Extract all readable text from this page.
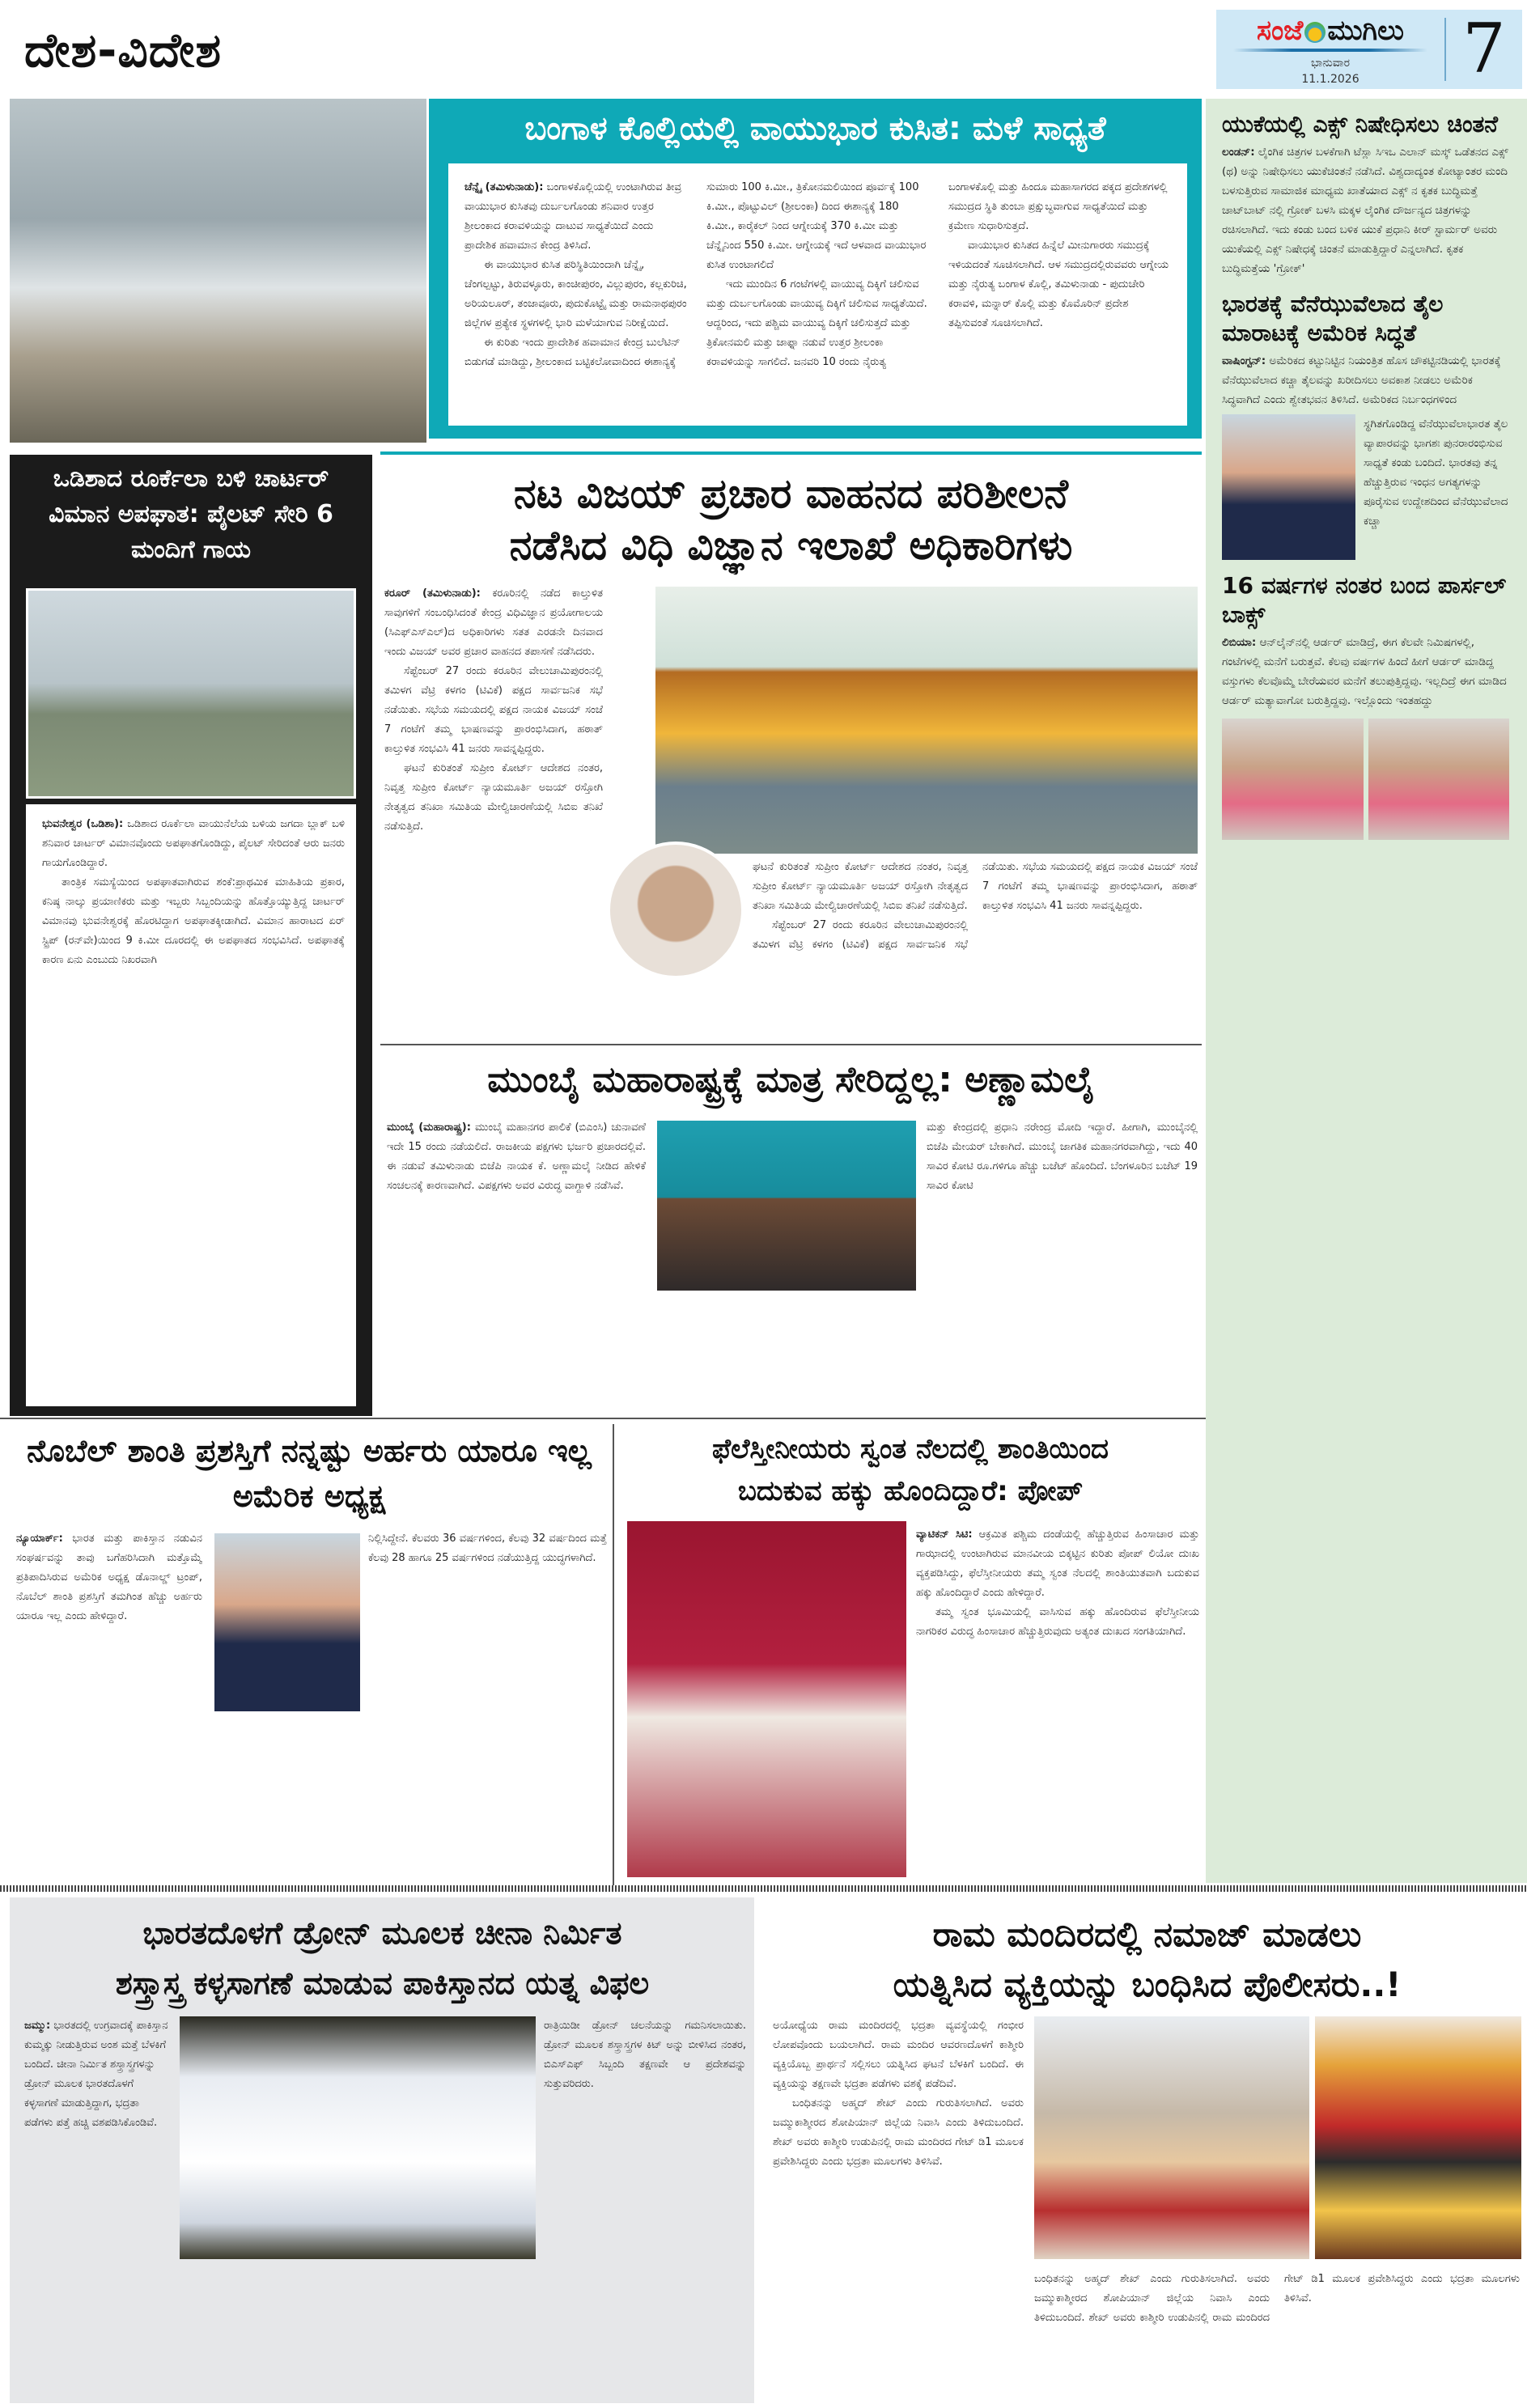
ದೇಶ-ವಿದೇಶ	ಸಂಜೆ ಮುಗಿಲು
ಭಾನುವಾರ
11.1.2026 7
ಬಂಗಾಳ ಕೊಲ್ಲಿಯಲ್ಲಿ ವಾಯುಭಾರ ಕುಸಿತ: ಮಳೆ ಸಾಧ್ಯತೆ

ಚೆನ್ನೈ (ತಮಿಳುನಾಡು): ಬಂಗಾಳಕೊಲ್ಲಿಯಲ್ಲಿ ಉಂಟಾಗಿರುವ ತೀವ್ರ ವಾಯುಭಾರ ಕುಸಿತವು ದುರ್ಬಲಗೊಂಡು ಶನಿವಾರ ಉತ್ತರ ಶ್ರೀಲಂಕಾದ ಕರಾವಳಿಯನ್ನು ದಾಟುವ ಸಾಧ್ಯತೆಯಿದೆ ಎಂದು ಪ್ರಾದೇಶಿಕ ಹವಾಮಾನ ಕೇಂದ್ರ ತಿಳಿಸಿದೆ.

ಈ ವಾಯುಭಾರ ಕುಸಿತ ಪರಿಸ್ಥಿತಿಯಿಂದಾಗಿ ಚೆನ್ನೈ, ಚೆಂಗಲ್ಪಟ್ಟು, ತಿರುವಳ್ಳೂರು, ಕಾಂಚೀಪುರಂ, ವಿಲ್ಲುಪುರಂ, ಕಲ್ಲಕುರಿಚಿ, ಅರಿಯಲೂರ್, ತಂಜಾವೂರು, ಪುದುಕೊಟ್ಟೈ ಮತ್ತು ರಾಮನಾಥಪುರಂ ಜಿಲ್ಲೆಗಳ ಪ್ರತ್ಯೇಕ ಸ್ಥಳಗಳಲ್ಲಿ ಭಾರಿ ಮಳೆಯಾಗುವ ನಿರೀಕ್ಷೆಯಿದೆ.

ಈ ಕುರಿತು ಇಂದು ಪ್ರಾದೇಶಿಕ ಹವಾಮಾನ ಕೇಂದ್ರ ಬುಲೆಟಿನ್ ಬಿಡುಗಡೆ ಮಾಡಿದ್ದು, ಶ್ರೀಲಂಕಾದ ಬಟ್ಟಿಕಲೋವಾದಿಂದ ಈಶಾನ್ಯಕ್ಕೆ ಸುಮಾರು 100 ಕಿ.ಮೀ., ತ್ರಿಕೋನಮಲಿಯಿಂದ ಪೂರ್ವಕ್ಕೆ 100 ಕಿ.ಮೀ., ಪೊಟ್ಟುವಿಲ್ (ಶ್ರೀಲಂಕಾ) ದಿಂದ ಈಶಾನ್ಯಕ್ಕೆ 180 ಕಿ.ಮೀ., ಕಾರೈಕಲ್ ನಿಂದ ಆಗ್ನೇಯಕ್ಕೆ 370 ಕಿ.ಮೀ ಮತ್ತು ಚೆನ್ನೈನಿಂದ 550 ಕಿ.ಮೀ. ಆಗ್ನೇಯಕ್ಕೆ ಇದೆ ಆಳವಾದ ವಾಯುಭಾರ ಕುಸಿತ ಉಂಟಾಗಲಿದೆ

ಇದು ಮುಂದಿನ 6 ಗಂಟೆಗಳಲ್ಲಿ ವಾಯುವ್ಯ ದಿಕ್ಕಿಗೆ ಚಲಿಸುವ ಮತ್ತು ದುರ್ಬಲಗೊಂಡು ವಾಯುವ್ಯ ದಿಕ್ಕಿಗೆ ಚಲಿಸುವ ಸಾಧ್ಯತೆಯಿದೆ. ಆದ್ದರಿಂದ, ಇದು ಪಶ್ಚಿಮ ವಾಯುವ್ಯ ದಿಕ್ಕಿಗೆ ಚಲಿಸುತ್ತದೆ ಮತ್ತು ತ್ರಿಕೋನಮಲಿ ಮತ್ತು ಜಾಫ್ನಾ ನಡುವೆ ಉತ್ತರ ಶ್ರೀಲಂಕಾ ಕರಾವಳಿಯನ್ನು ಸಾಗಲಿದೆ. ಜನವರಿ 10 ರಂದು ನೈರುತ್ಯ ಬಂಗಾಳಕೊಲ್ಲಿ ಮತ್ತು ಹಿಂದೂ ಮಹಾಸಾಗರದ ಪಕ್ಕದ ಪ್ರದೇಶಗಳಲ್ಲಿ ಸಮುದ್ರದ ಸ್ಥಿತಿ ತುಂಬಾ ಪ್ರಕ್ಷುಬ್ಧವಾಗುವ ಸಾಧ್ಯತೆಯಿದೆ ಮತ್ತು ಕ್ರಮೇಣ ಸುಧಾರಿಸುತ್ತದೆ.

ವಾಯುಭಾರ ಕುಸಿತದ ಹಿನ್ನೆಲೆ ಮೀನುಗಾರರು ಸಮುದ್ರಕ್ಕೆ ಇಳಿಯದಂತೆ ಸೂಚಿಸಲಾಗಿದೆ. ಆಳ ಸಮುದ್ರದಲ್ಲಿರುವವರು ಆಗ್ನೇಯ ಮತ್ತು ನೈರುತ್ಯ ಬಂಗಾಳ ಕೊಲ್ಲಿ, ತಮಿಳುನಾಡು - ಪುದುಚೇರಿ ಕರಾವಳಿ, ಮನ್ನಾರ್ ಕೊಲ್ಲಿ ಮತ್ತು ಕೊಮೊರಿನ್ ಪ್ರದೇಶ ತಪ್ಪಿಸುವಂತೆ ಸೂಚಿಸಲಾಗಿದೆ.

ಯುಕೆಯಲ್ಲಿ ಎಕ್ಸ್ ನಿಷೇಧಿಸಲು ಚಿಂತನೆ

ಲಂಡನ್: ಲೈಂಗಿಕ ಚಿತ್ರಗಳ ಬಳಕೆಗಾಗಿ ಟೆಸ್ಲಾ ಸಿಇಒ ಎಲಾನ್ ಮಸ್ಕ್ ಒಡೆತನದ ಎಕ್ಸ್ (ಥ) ಅನ್ನು ನಿಷೇಧಿಸಲು ಯುಕೆಚಿಂತನೆ ನಡೆಸಿದೆ. ವಿಶ್ವದಾದ್ಯಂತ ಕೋಟ್ಯಾಂತರ ಮಂದಿ ಬಳಸುತ್ತಿರುವ ಸಾಮಾಜಿಕ ಮಾಧ್ಯಮ ಖಾತೆಯಾದ ಎಕ್ಸ್ ನ ಕೃತಕ ಬುದ್ಧಿಮತ್ತೆ ಚಾಟ್‌ಬಾಟ್ ನಲ್ಲಿ ಗ್ರೋಕ್ ಬಳಸಿ ಮಕ್ಕಳ ಲೈಂಗಿಕ ದೌರ್ಜನ್ಯದ ಚಿತ್ರಗಳನ್ನು ರಚಿಸಲಾಗಿದೆ. ಇದು ಕಂಡು ಬಂದ ಬಳಿಕ ಯುಕೆ ಪ್ರಧಾನಿ ಕೀರ್ ಸ್ಟಾರ್ಮರ್ ಅವರು ಯುಕೆಯಲ್ಲಿ ಎಕ್ಸ್ ನಿಷೇಧಕ್ಕೆ ಚಿಂತನೆ ಮಾಡುತ್ತಿದ್ದಾರೆ ಎನ್ನಲಾಗಿದೆ. ಕೃತಕ ಬುದ್ಧಿಮತ್ತೆಯ 'ಗ್ರೋಕ್'

ಭಾರತಕ್ಕೆ ವೆನೆಝುವೆಲಾದ ತೈಲ ಮಾರಾಟಕ್ಕೆ ಅಮೆರಿಕ ಸಿದ್ಧತೆ

ವಾಷಿಂಗ್ಟನ್: ಅಮೆರಿಕದ ಕಟ್ಟುನಿಟ್ಟಿನ ನಿಯಂತ್ರಿತ ಹೊಸ ಚೌಕಟ್ಟಿನಡಿಯಲ್ಲಿ ಭಾರತಕ್ಕೆ ವೆನೆಝುವೆಲಾದ ಕಚ್ಚಾ ತೈಲವನ್ನು ಖರೀದಿಸಲು ಅವಕಾಶ ನೀಡಲು ಅಮೆರಿಕ ಸಿದ್ಧವಾಗಿದೆ ಎಂದು ಶ್ವೇತಭವನ ತಿಳಿಸಿದೆ. ಅಮೆರಿಕದ ನಿರ್ಬಂಧಗಳಿಂದ

ಸ್ಥಗಿತಗೊಂಡಿದ್ದ ವೆನೆಝುವೆಲಾಭಾರತ ತೈಲ ವ್ಯಾಪಾರವನ್ನು ಭಾಗಶಃ ಪುನರಾರಂಭಿಸುವ ಸಾಧ್ಯತೆ ಕಂಡು ಬಂದಿದೆ. ಭಾರತವು ತನ್ನ ಹೆಚ್ಚುತ್ತಿರುವ ಇಂಧನ ಅಗತ್ಯಗಳನ್ನು ಪೂರೈಸುವ ಉದ್ದೇಶದಿಂದ ವೆನೆಝುವೆಲಾದ ಕಚ್ಚಾ

16 ವರ್ಷಗಳ ನಂತರ ಬಂದ ಪಾರ್ಸಲ್ ಬಾಕ್ಸ್

ಲಿಬಿಯಾ: ಆನ್‌ಲೈನ್‌ನಲ್ಲಿ ಆರ್ಡರ್ ಮಾಡಿದ್ರೆ, ಈಗ ಕೆಲವೇ ನಿಮಿಷಗಳಲ್ಲಿ, ಗಂಟೆಗಳಲ್ಲಿ ಮನೆಗೆ ಬರುತ್ತವೆ. ಕೆಲವು ವರ್ಷಗಳ ಹಿಂದೆ ಹೀಗೆ ಆರ್ಡರ್ ಮಾಡಿದ್ದ ವಸ್ತುಗಳು ಕೆಲವೊಮ್ಮೆ ಬೇರೆಯವರ ಮನೆಗೆ ತಲುಪುತ್ತಿದ್ದವು. ಇಲ್ಲದಿದ್ರೆ ಈಗ ಮಾಡಿದ ಆರ್ಡರ್ ಮತ್ಯಾವಾಗೋ ಬರುತ್ತಿದ್ದವು. ಇಲ್ಲೊಂದು ಇಂತಹದ್ದು

ಒಡಿಶಾದ ರೂರ್ಕೆಲಾ ಬಳಿ ಚಾರ್ಟರ್ ವಿಮಾನ ಅಪಘಾತ: ಪೈಲಟ್ ಸೇರಿ 6 ಮಂದಿಗೆ ಗಾಯ

ಭುವನೇಶ್ವರ (ಒಡಿಶಾ): ಒಡಿಶಾದ ರೂರ್ಕೆಲಾ ವಾಯುನೆಲೆಯ ಬಳಿಯ ಜಗದಾ ಬ್ಲಾಕ್ ಬಳಿ ಶನಿವಾರ ಚಾರ್ಟರ್ ವಿಮಾನವೊಂದು ಅಪಘಾತಗೊಂಡಿದ್ದು, ಪೈಲಟ್ ಸೇರಿದಂತೆ ಆರು ಜನರು ಗಾಯಗೊಂಡಿದ್ದಾರೆ.

ತಾಂತ್ರಿಕ ಸಮಸ್ಯೆಯಿಂದ ಅಪಘಾತವಾಗಿರುವ ಶಂಕೆ:ಪ್ರಾಥಮಿಕ ಮಾಹಿತಿಯ ಪ್ರಕಾರ, ಕನಿಷ್ಠ ನಾಲ್ಕು ಪ್ರಯಾಣಿಕರು ಮತ್ತು ಇಬ್ಬರು ಸಿಬ್ಬಂದಿಯನ್ನು ಹೊತ್ತೊಯ್ಯುತ್ತಿದ್ದ ಚಾರ್ಟರ್ ವಿಮಾನವು ಭುವನೇಶ್ವರಕ್ಕೆ ಹೊರಟಿದ್ದಾಗ ಅಪಘಾತಕ್ಕೀಡಾಗಿದೆ. ವಿಮಾನ ಹಾರಾಟದ ಏರ್ ಸ್ಟ್ರಿಪ್ (ರನ್‌ವೇ)ಯಿಂದ 9 ಕಿ.ಮೀ ದೂರದಲ್ಲಿ ಈ ಅಪಘಾತದ ಸಂಭವಿಸಿದೆ. ಅಪಘಾತಕ್ಕೆ ಕಾರಣ ಏನು ಎಂಬುದು ನಿಖರವಾಗಿ

ನಟ ವಿಜಯ್ ಪ್ರಚಾರ ವಾಹನದ ಪರಿಶೀಲನೆ
ನಡೆಸಿದ ವಿಧಿ ವಿಜ್ಞಾನ ಇಲಾಖೆ ಅಧಿಕಾರಿಗಳು

ಕರೂರ್ (ತಮಿಳುನಾಡು): ಕರೂರಿನಲ್ಲಿ ನಡೆದ ಕಾಲ್ತುಳಿತ ಸಾವುಗಳಿಗೆ ಸಂಬಂಧಿಸಿದಂತೆ ಕೇಂದ್ರ ವಿಧಿವಿಜ್ಞಾನ ಪ್ರಯೋಗಾಲಯ (ಸಿಎಫ್‌ಎಸ್‌ಎಲ್)ದ ಅಧಿಕಾರಿಗಳು ಸತತ ಎರಡನೇ ದಿನವಾದ ಇಂದು ವಿಜಯ್ ಅವರ ಪ್ರಚಾರ ವಾಹನದ ತಪಾಸಣೆ ನಡೆಸಿದರು.

ಸೆಪ್ಟೆಂಬರ್ 27 ರಂದು ಕರೂರಿನ ವೇಲುಚಾಮಿಪುರಂನಲ್ಲಿ ತಮಿಳಗ ವೆಟ್ರಿ ಕಳಗಂ (ಟಿವಿಕೆ) ಪಕ್ಷದ ಸಾರ್ವಜನಿಕ ಸಭೆ ನಡೆಯಿತು. ಸಭೆಯ ಸಮಯದಲ್ಲಿ ಪಕ್ಷದ ನಾಯಕ ವಿಜಯ್ ಸಂಜೆ 7 ಗಂಟೆಗೆ ತಮ್ಮ ಭಾಷಣವನ್ನು ಪ್ರಾರಂಭಿಸಿದಾಗ, ಹಠಾತ್ ಕಾಲ್ತುಳಿತ ಸಂಭವಿಸಿ 41 ಜನರು ಸಾವನ್ನಪ್ಪಿದ್ದರು.

ಘಟನೆ ಕುರಿತಂತೆ ಸುಪ್ರೀಂ ಕೋರ್ಟ್ ಆದೇಶದ ನಂತರ, ನಿವೃತ್ತ ಸುಪ್ರೀಂ ಕೋರ್ಟ್ ನ್ಯಾಯಮೂರ್ತಿ ಅಜಯ್ ರಸ್ತೋಗಿ ನೇತೃತ್ವದ ತನಿಖಾ ಸಮಿತಿಯ ಮೇಲ್ವಿಚಾರಣೆಯಲ್ಲಿ ಸಿಬಿಐ ತನಿಖೆ ನಡೆಸುತ್ತಿದೆ.

ಘಟನೆ ಕುರಿತಂತೆ ಸುಪ್ರೀಂ ಕೋರ್ಟ್ ಆದೇಶದ ನಂತರ, ನಿವೃತ್ತ ಸುಪ್ರೀಂ ಕೋರ್ಟ್ ನ್ಯಾಯಮೂರ್ತಿ ಅಜಯ್ ರಸ್ತೋಗಿ ನೇತೃತ್ವದ ತನಿಖಾ ಸಮಿತಿಯ ಮೇಲ್ವಿಚಾರಣೆಯಲ್ಲಿ ಸಿಬಿಐ ತನಿಖೆ ನಡೆಸುತ್ತಿದೆ.

ಸೆಪ್ಟೆಂಬರ್ 27 ರಂದು ಕರೂರಿನ ವೇಲುಚಾಮಿಪುರಂನಲ್ಲಿ ತಮಿಳಗ ವೆಟ್ರಿ ಕಳಗಂ (ಟಿವಿಕೆ) ಪಕ್ಷದ ಸಾರ್ವಜನಿಕ ಸಭೆ ನಡೆಯಿತು. ಸಭೆಯ ಸಮಯದಲ್ಲಿ ಪಕ್ಷದ ನಾಯಕ ವಿಜಯ್ ಸಂಜೆ 7 ಗಂಟೆಗೆ ತಮ್ಮ ಭಾಷಣವನ್ನು ಪ್ರಾರಂಭಿಸಿದಾಗ, ಹಠಾತ್ ಕಾಲ್ತುಳಿತ ಸಂಭವಿಸಿ 41 ಜನರು ಸಾವನ್ನಪ್ಪಿದ್ದರು.

ಮುಂಬೈ ಮಹಾರಾಷ್ಟ್ರಕ್ಕೆ ಮಾತ್ರ ಸೇರಿದ್ದಲ್ಲ: ಅಣ್ಣಾಮಲೈ

ಮುಂಬೈ (ಮಹಾರಾಷ್ಟ್ರ): ಮುಂಬೈ ಮಹಾನಗರ ಪಾಲಿಕೆ (ಬಿಎಂಸಿ) ಚುನಾವಣೆ ಇದೇ 15 ರಂದು ನಡೆಯಲಿದೆ. ರಾಜಕೀಯ ಪಕ್ಷಗಳು ಭರ್ಜರಿ ಪ್ರಚಾರದಲ್ಲಿವೆ. ಈ ನಡುವೆ ತಮಿಳುನಾಡು ಬಿಜೆಪಿ ನಾಯಕ ಕೆ. ಅಣ್ಣಾಮಲೈ ನೀಡಿದ ಹೇಳಿಕೆ ಸಂಚಲನಕ್ಕೆ ಕಾರಣವಾಗಿದೆ. ವಿಪಕ್ಷಗಳು ಅವರ ವಿರುದ್ಧ ವಾಗ್ದಾಳಿ ನಡೆಸಿವೆ.

ಮತ್ತು ಕೇಂದ್ರದಲ್ಲಿ ಪ್ರಧಾನಿ ನರೇಂದ್ರ ಮೋದಿ ಇದ್ದಾರೆ. ಹೀಗಾಗಿ, ಮುಂಬೈನಲ್ಲಿ ಬಿಜೆಪಿ ಮೇಯರ್ ಬೇಕಾಗಿದೆ. ಮುಂಬೈ ಜಾಗತಿಕ ಮಹಾನಗರವಾಗಿದ್ದು, ಇದು 40 ಸಾವಿರ ಕೋಟಿ ರೂ.ಗಳಿಗೂ ಹೆಚ್ಚು ಬಜೆಟ್ ಹೊಂದಿದೆ. ಬೆಂಗಳೂರಿನ ಬಜೆಟ್ 19 ಸಾವಿರ ಕೋಟಿ

ನೊಬೆಲ್ ಶಾಂತಿ ಪ್ರಶಸ್ತಿಗೆ ನನ್ನಷ್ಟು ಅರ್ಹರು ಯಾರೂ ಇಲ್ಲ ಅಮೆರಿಕ ಅಧ್ಯಕ್ಷ

ನ್ಯೂಯಾರ್ಕ್: ಭಾರತ ಮತ್ತು ಪಾಕಿಸ್ತಾನ ನಡುವಿನ ಸಂಘರ್ಷವನ್ನು ತಾವು ಬಗೆಹರಿಸಿದಾಗಿ ಮತ್ತೊಮ್ಮೆ ಪ್ರತಿಪಾದಿಸಿರುವ ಅಮೆರಿಕ ಅಧ್ಯಕ್ಷ ಡೊನಾಲ್ಡ್ ಟ್ರಂಪ್, ನೊಬೆಲ್ ಶಾಂತಿ ಪ್ರಶಸ್ತಿಗೆ ತಮಗಿಂತ ಹೆಚ್ಚು ಅರ್ಹರು ಯಾರೂ ಇಲ್ಲ ಎಂದು ಹೇಳಿದ್ದಾರೆ.

ನಿಲ್ಲಿಸಿದ್ದೇನೆ. ಕೆಲವರು 36 ವರ್ಷಗಳಿಂದ, ಕೆಲವು 32 ವರ್ಷದಿಂದ ಮತ್ತೆ ಕೆಲವು 28 ಹಾಗೂ 25 ವರ್ಷಗಳಿಂದ ನಡೆಯುತ್ತಿದ್ದ ಯುದ್ಧಗಳಾಗಿದೆ.

ಫೆಲೆಸ್ತೀನೀಯರು ಸ್ವಂತ ನೆಲದಲ್ಲಿ ಶಾಂತಿಯಿಂದ
ಬದುಕುವ ಹಕ್ಕು ಹೊಂದಿದ್ದಾರೆ: ಪೋಪ್

ವ್ಯಾಟಿಕನ್ ಸಿಟಿ: ಆಕ್ರಮಿತ ಪಶ್ಚಿಮ ದಂಡೆಯಲ್ಲಿ ಹೆಚ್ಚುತ್ತಿರುವ ಹಿಂಸಾಚಾರ ಮತ್ತು ಗಾಝಾದಲ್ಲಿ ಉಂಟಾಗಿರುವ ಮಾನವೀಯ ಬಿಕ್ಕಟ್ಟಿನ ಕುರಿತು ಪೋಪ್ ಲಿಯೋ ದುಃಖ ವ್ಯಕ್ತಪಡಿಸಿದ್ದು, ಫೆಲೆಸ್ತೀನೀಯರು ತಮ್ಮ ಸ್ವಂತ ನೆಲದಲ್ಲಿ ಶಾಂತಿಯುತವಾಗಿ ಬದುಕುವ ಹಕ್ಕು ಹೊಂದಿದ್ದಾರೆ ಎಂದು ಹೇಳಿದ್ದಾರೆ.

ತಮ್ಮ ಸ್ವಂತ ಭೂಮಿಯಲ್ಲಿ ವಾಸಿಸುವ ಹಕ್ಕು ಹೊಂದಿರುವ ಫೆಲೆಸ್ತೀನೀಯ ನಾಗರಿಕರ ವಿರುದ್ಧ ಹಿಂಸಾಚಾರ ಹೆಚ್ಚುತ್ತಿರುವುದು ಅತ್ಯಂತ ದುಃಖದ ಸಂಗತಿಯಾಗಿದೆ.

ಭಾರತದೊಳಗೆ ಡ್ರೋನ್ ಮೂಲಕ ಚೀನಾ ನಿರ್ಮಿತ
ಶಸ್ತ್ರಾಸ್ತ್ರ ಕಳ್ಳಸಾಗಣೆ ಮಾಡುವ ಪಾಕಿಸ್ತಾನದ ಯತ್ನ ವಿಫಲ

ಜಮ್ಮು: ಭಾರತದಲ್ಲಿ ಉಗ್ರವಾದಕ್ಕೆ ಪಾಕಿಸ್ತಾನ ಕುಮ್ಮಕ್ಕು ನೀಡುತ್ತಿರುವ ಅಂಶ ಮತ್ತೆ ಬೆಳಕಿಗೆ ಬಂದಿದೆ. ಚೀನಾ ನಿರ್ಮಿತ ಶಸ್ತ್ರಾಸ್ತ್ರಗಳನ್ನು ಡ್ರೋನ್ ಮೂಲಕ ಭಾರತದೊಳಗೆ ಕಳ್ಳಸಾಗಣೆ ಮಾಡುತ್ತಿದ್ದಾಗ, ಭದ್ರತಾ ಪಡೆಗಳು ಪತ್ತೆ ಹಚ್ಚಿ ವಶಪಡಿಸಿಕೊಂಡಿವೆ.

ರಾತ್ರಿಯಿಡೀ ಡ್ರೋನ್ ಚಲನೆಯನ್ನು ಗಮನಿಸಲಾಯಿತು. ಡ್ರೋನ್ ಮೂಲಕ ಶಸ್ತ್ರಾಸ್ತ್ರಗಳ ಕಿಟ್ ಅನ್ನು ಬೀಳಿಸಿದ ನಂತರ, ಬಿಎಸ್‌ಎಫ್ ಸಿಬ್ಬಂದಿ ತಕ್ಷಣವೇ ಆ ಪ್ರದೇಶವನ್ನು ಸುತ್ತುವರಿದರು.

ರಾಮ ಮಂದಿರದಲ್ಲಿ ನಮಾಜ್ ಮಾಡಲು
ಯತ್ನಿಸಿದ ವ್ಯಕ್ತಿಯನ್ನು ಬಂಧಿಸಿದ ಪೊಲೀಸರು..!

ಅಯೋಧ್ಯೆಯ ರಾಮ ಮಂದಿರದಲ್ಲಿ ಭದ್ರತಾ ವ್ಯವಸ್ಥೆಯಲ್ಲಿ ಗಂಭೀರ ಲೋಪವೊಂದು ಬಯಲಾಗಿದೆ. ರಾಮ ಮಂದಿರ ಆವರಣದೊಳಗೆ ಕಾಶ್ಮೀರಿ ವ್ಯಕ್ತಿಯೊಬ್ಬ ಪ್ರಾರ್ಥನೆ ಸಲ್ಲಿಸಲು ಯತ್ನಿಸಿದ ಘಟನೆ ಬೆಳಕಿಗೆ ಬಂದಿದೆ. ಈ ವ್ಯಕ್ತಿಯನ್ನು ತಕ್ಷಣವೇ ಭದ್ರತಾ ಪಡೆಗಳು ವಶಕ್ಕೆ ಪಡೆದಿವೆ.

ಬಂಧಿತನನ್ನು ಅಹ್ಮದ್ ಶೇಖ್ ಎಂದು ಗುರುತಿಸಲಾಗಿದೆ. ಅವರು ಜಮ್ಮುಕಾಶ್ಮೀರದ ಶೋಪಿಯಾನ್ ಜಿಲ್ಲೆಯ ನಿವಾಸಿ ಎಂದು ತಿಳಿದುಬಂದಿದೆ. ಶೇಖ್ ಅವರು ಕಾಶ್ಮೀರಿ ಉಡುಪಿನಲ್ಲಿ ರಾಮ ಮಂದಿರದ ಗೇಟ್ ಡಿ1 ಮೂಲಕ ಪ್ರವೇಶಿಸಿದ್ದರು ಎಂದು ಭದ್ರತಾ ಮೂಲಗಳು ತಿಳಿಸಿವೆ.

ಬಂಧಿತನನ್ನು ಅಹ್ಮದ್ ಶೇಖ್ ಎಂದು ಗುರುತಿಸಲಾಗಿದೆ. ಅವರು ಜಮ್ಮುಕಾಶ್ಮೀರದ ಶೋಪಿಯಾನ್ ಜಿಲ್ಲೆಯ ನಿವಾಸಿ ಎಂದು ತಿಳಿದುಬಂದಿದೆ. ಶೇಖ್ ಅವರು ಕಾಶ್ಮೀರಿ ಉಡುಪಿನಲ್ಲಿ ರಾಮ ಮಂದಿರದ ಗೇಟ್ ಡಿ1 ಮೂಲಕ ಪ್ರವೇಶಿಸಿದ್ದರು ಎಂದು ಭದ್ರತಾ ಮೂಲಗಳು ತಿಳಿಸಿವೆ.
